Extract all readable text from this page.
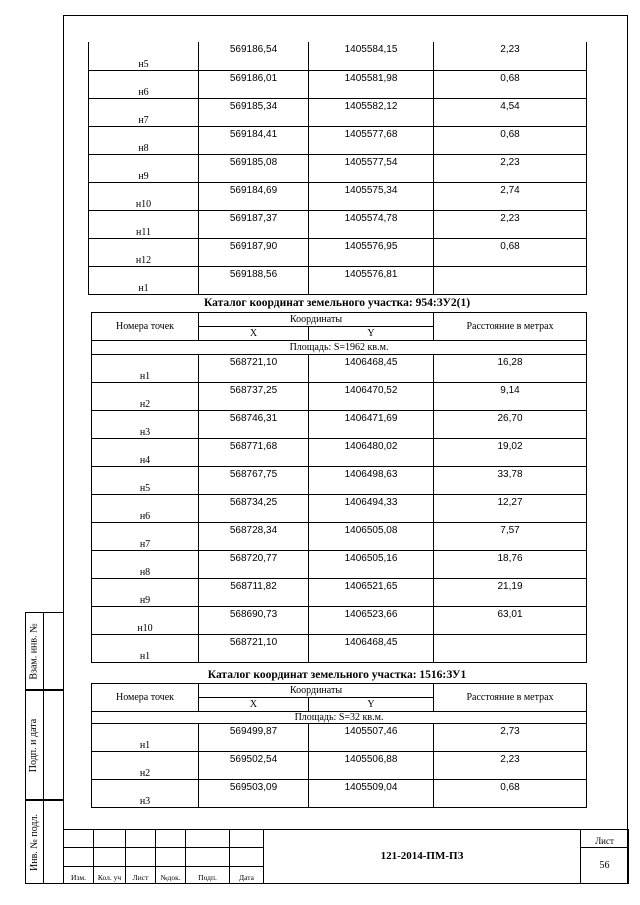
Взам. инв. №
Подп. и дата
Инв. № подл.
н5	569186,54	1405584,15	2,23
н6	569186,01	1405581,98	0,68
н7	569185,34	1405582,12	4,54
н8	569184,41	1405577,68	0,68
н9	569185,08	1405577,54	2,23
н10	569184,69	1405575,34	2,74
н11	569187,37	1405574,78	2,23
н12	569187,90	1405576,95	0,68
н1	569188,56	1405576,81	
Каталог координат земельного участка: 954:ЗУ2(1)
Номера точек	Координаты		Расстояние в метрах
	X	Y	
Площадь: S=1962 кв.м.			
н1	568721,10	1406468,45	16,28
н2	568737,25	1406470,52	9,14
н3	568746,31	1406471,69	26,70
н4	568771,68	1406480,02	19,02
н5	568767,75	1406498,63	33,78
н6	568734,25	1406494,33	12,27
н7	568728,34	1406505,08	7,57
н8	568720,77	1406505,16	18,76
н9	568711,82	1406521,65	21,19
н10	568690,73	1406523,66	63,01
н1	568721,10	1406468,45	
Каталог координат земельного участка: 1516:ЗУ1
Номера точек	Координаты		Расстояние в метрах
	X	Y	
Площадь: S=32 кв.м.			
н1	569499,87	1405507,46	2,73
н2	569502,54	1405506,88	2,23
н3	569503,09	1405509,04	0,68
						121-2014-ПМ-ПЗ	Лист
							56
Изм.	Кол. уч	Лист	№док.	Подп.	Дата		
